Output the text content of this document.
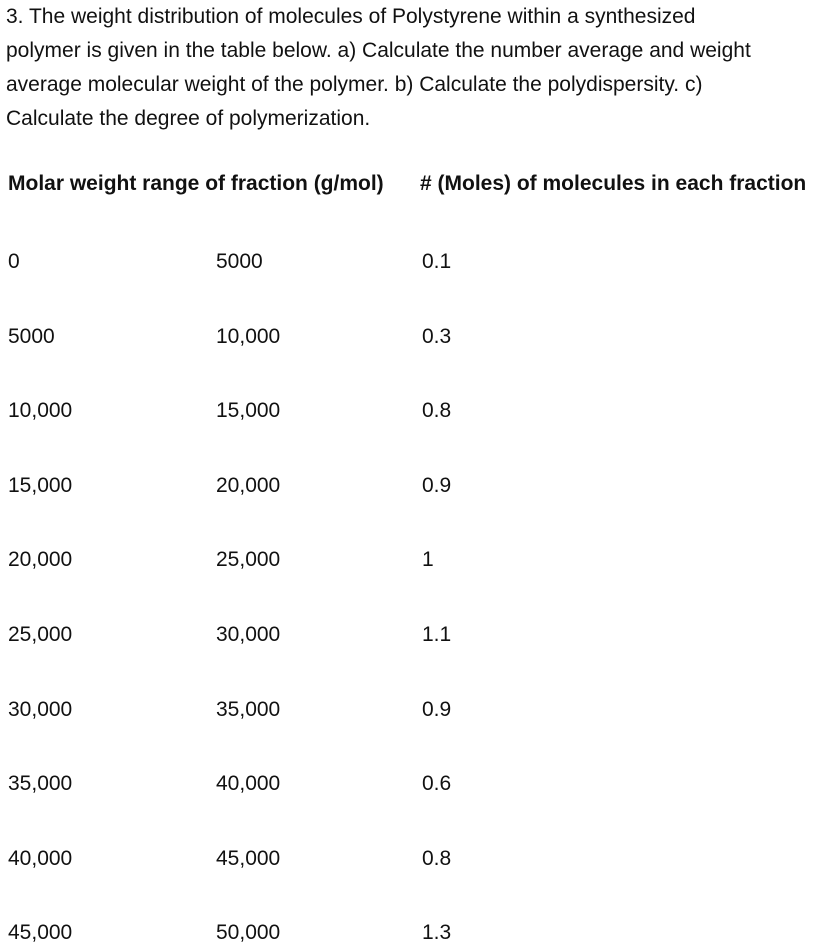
3. The weight distribution of molecules of Polystyrene within a synthesized
polymer is given in the table below. a) Calculate the number average and weight
average molecular weight of the polymer. b) Calculate the polydispersity. c)
Calculate the degree of polymerization.
Molar weight range of fraction (g/mol) # (Moles) of molecules in each fraction
0	5000	0.1
5000	10,000	0.3
10,000	15,000	0.8
15,000	20,000	0.9
20,000	25,000	1
25,000	30,000	1.1
30,000	35,000	0.9
35,000	40,000	0.6
40,000	45,000	0.8
45,000	50,000	1.3
